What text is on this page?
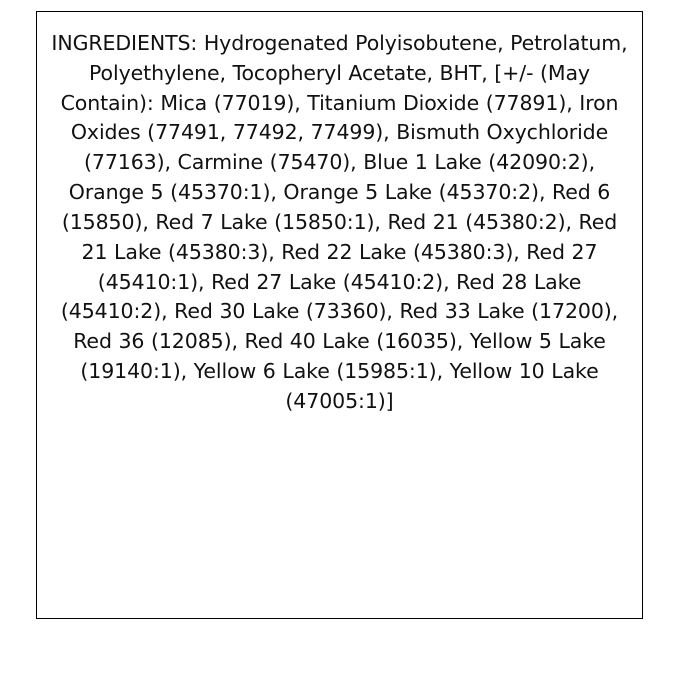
INGREDIENTS: Hydrogenated Polyisobutene, Petrolatum, Polyethylene, Tocopheryl Acetate, BHT, [+/- (May Contain): Mica (77019), Titanium Dioxide (77891), Iron Oxides (77491, 77492, 77499), Bismuth Oxychloride (77163), Carmine (75470), Blue 1 Lake (42090:2), Orange 5 (45370:1), Orange 5 Lake (45370:2), Red 6 (15850), Red 7 Lake (15850:1), Red 21 (45380:2), Red 21 Lake (45380:3), Red 22 Lake (45380:3), Red 27 (45410:1), Red 27 Lake (45410:2), Red 28 Lake (45410:2), Red 30 Lake (73360), Red 33 Lake (17200), Red 36 (12085), Red 40 Lake (16035), Yellow 5 Lake (19140:1), Yellow 6 Lake (15985:1), Yellow 10 Lake (47005:1)]
